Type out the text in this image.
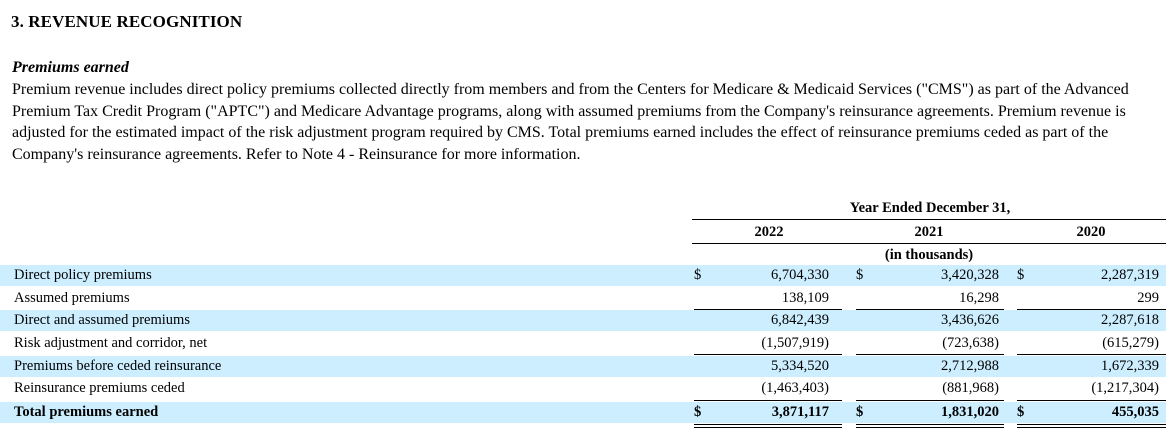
3. REVENUE RECOGNITION
Premiums earned
Premium revenue includes direct policy premiums collected directly from members and from the Centers for Medicare & Medicaid Services ("CMS") as part of the Advanced Premium Tax Credit Program ("APTC") and Medicare Advantage programs, along with assumed premiums from the Company's reinsurance agreements. Premium revenue is adjusted for the estimated impact of the risk adjustment program required by CMS. Total premiums earned includes the effect of reinsurance premiums ceded as part of the Company's reinsurance agreements. Refer to Note 4 - Reinsurance for more information.
Year Ended December 31,
2022	2021	2020
(in thousands)
Direct policy premiums	$	6,704,330 $	3,420,328 $	2,287,319
Assumed premiums	138,109	16,298	299
Direct and assumed premiums	6,842,439	3,436,626	2,287,618
Risk adjustment and corridor, net	(1,507,919)	(723,638)	(615,279)
Premiums before ceded reinsurance	5,334,520	2,712,988	1,672,339
Reinsurance premiums ceded	(1,463,403)	(881,968)	(1,217,304)
Total premiums earned	$	3,871,117 $	1,831,020 $	455,035
